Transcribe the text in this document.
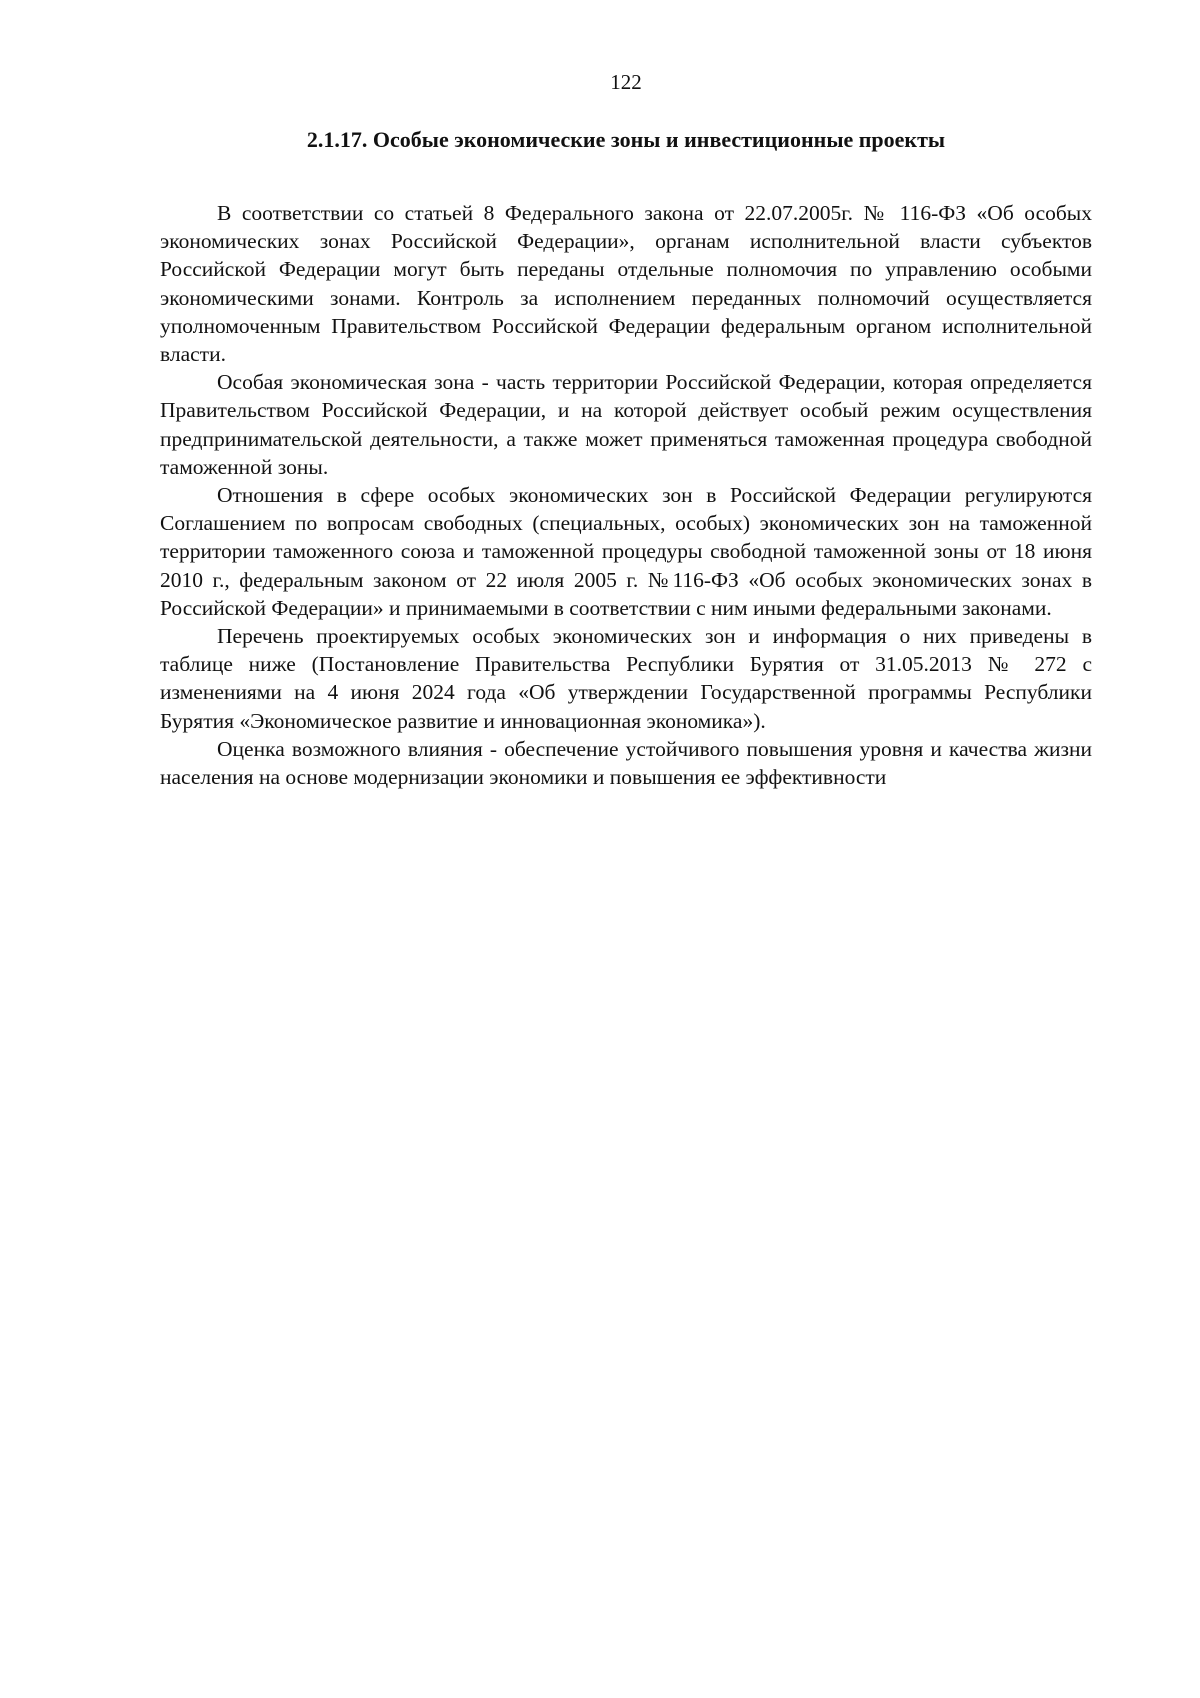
122
2.1.17. Особые экономические зоны и инвестиционные проекты

В соответствии со статьей 8 Федерального закона от 22.07.2005г. № 116-ФЗ «Об особых экономических зонах Российской Федерации», органам исполнительной власти субъектов Российской Федерации могут быть переданы отдельные полномочия по управлению особыми экономическими зонами. Контроль за исполнением переданных полномочий осуществляется уполномоченным Правительством Российской Федерации федеральным органом исполнительной власти.

Особая экономическая зона - часть территории Российской Федерации, которая определяется Правительством Российской Федерации, и на которой действует особый режим осуществления предпринимательской деятельности, а также может применяться таможенная процедура свободной таможенной зоны.

Отношения в сфере особых экономических зон в Российской Федерации регулируются Соглашением по вопросам свободных (специальных, особых) экономических зон на таможенной территории таможенного союза и таможенной процедуры свободной таможенной зоны от 18 июня 2010 г., федеральным законом от 22 июля 2005 г. №116-ФЗ «Об особых экономических зонах в Российской Федерации» и принимаемыми в соответствии с ним иными федеральными законами.

Перечень проектируемых особых экономических зон и информация о них приведены в таблице ниже (Постановление Правительства Республики Бурятия от 31.05.2013 № 272 с изменениями на 4 июня 2024 года «Об утверждении Государственной программы Республики Бурятия «Экономическое развитие и инновационная экономика»).

Оценка возможного влияния - обеспечение устойчивого повышения уровня и качества жизни населения на основе модернизации экономики и повышения ее эффективности
